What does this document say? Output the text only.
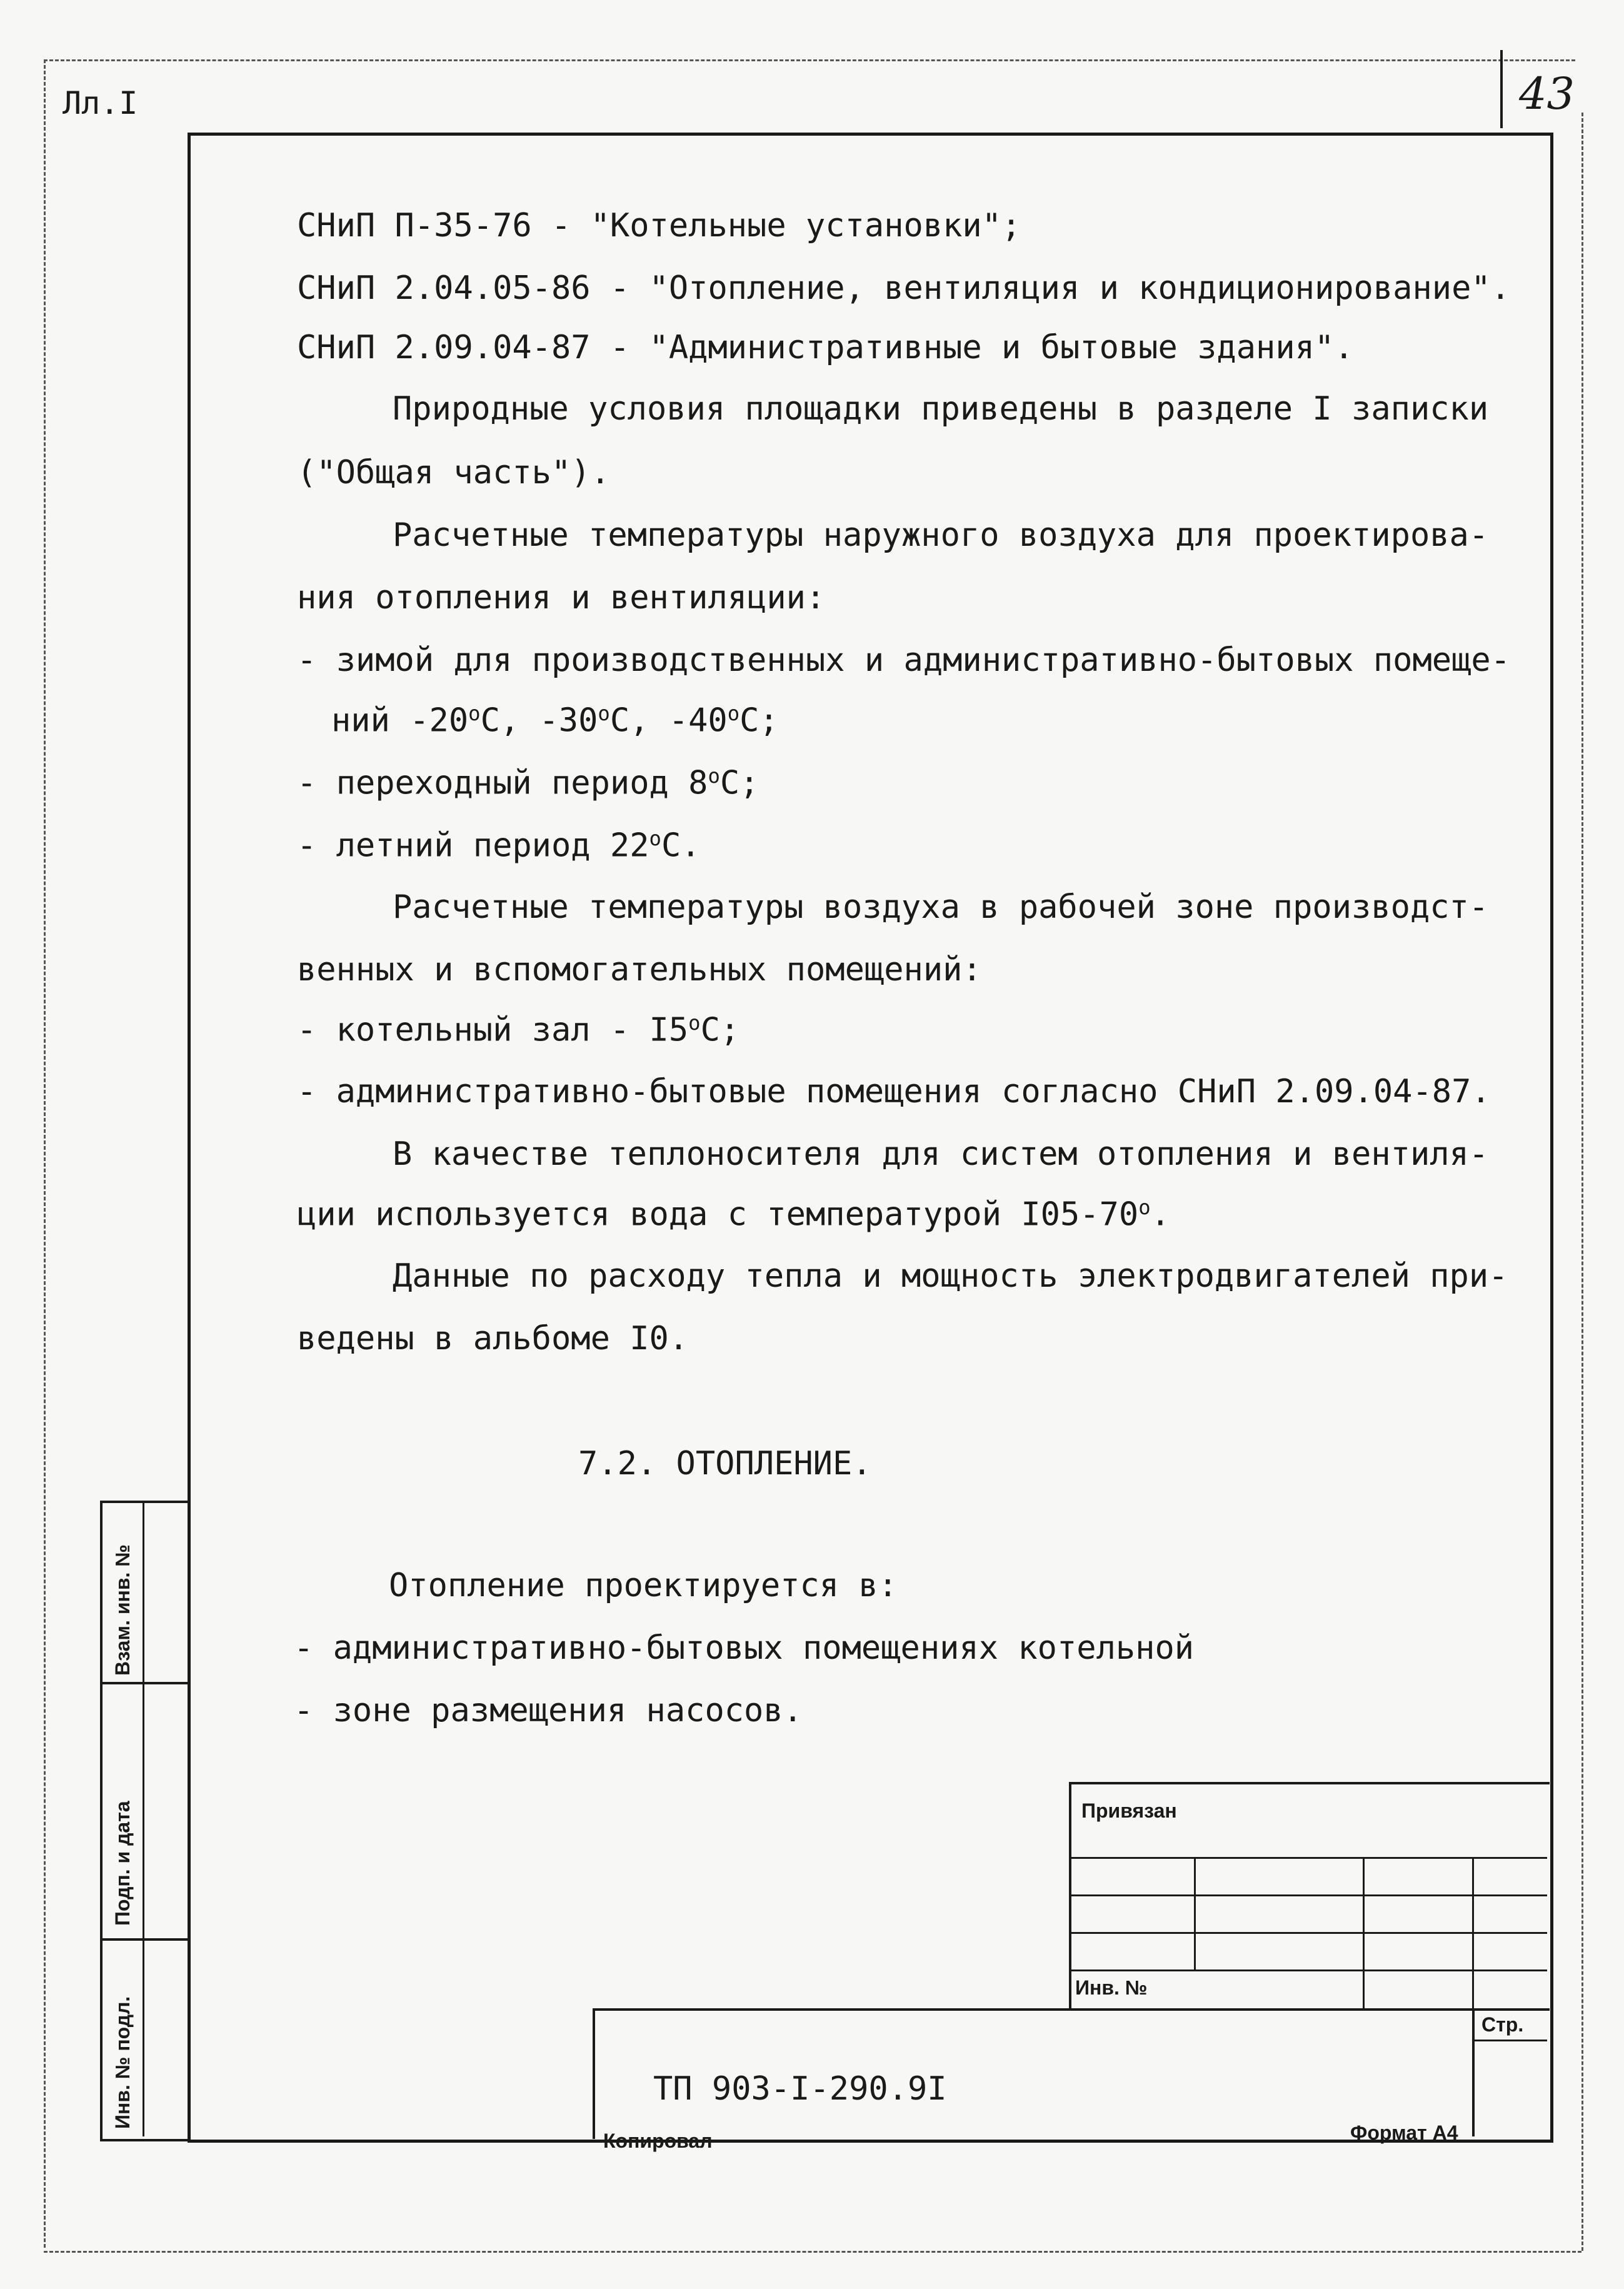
Лл.I	43
СНиП П-35-76 - "Котельные установки";
СНиП 2.04.05-86 - "Отопление, вентиляция и кондиционирование".
СНиП 2.09.04-87 - "Административные и бытовые здания".
Природные условия площадки приведены в разделе I записки
("Общая часть").
Расчетные температуры наружного воздуха для проектирова-
ния отопления и вентиляции:
- зимой для производственных и административно-бытовых помеще-
ний $-20^оС$, $-30^оС$, $-40^оС$;
- переходный период $8^оС$;
- летний период $22^оС$.
Расчетные температуры воздуха в рабочей зоне производст-
венных и вспомогательных помещений:
- котельный зал - $I5^оС$;
- административно-бытовые помещения согласно СНиП 2.09.04-87.
В качестве теплоносителя для систем отопления и вентиля-
ции используется вода с температурой $I05-70^о$.
Данные по расходу тепла и мощность электродвигателей при-
ведены в альбоме I0.
7.2. ОТОПЛЕНИЕ.
Отопление проектируется в:
- административно-бытовых помещениях котельной
- зоне размещения насосов.
Взам. инв. №
Подп. и дата
Инв. № подл.
Привязан
Инв. №
Стр.
ТП 903-I-290.9I
Копировал	Формат А4
